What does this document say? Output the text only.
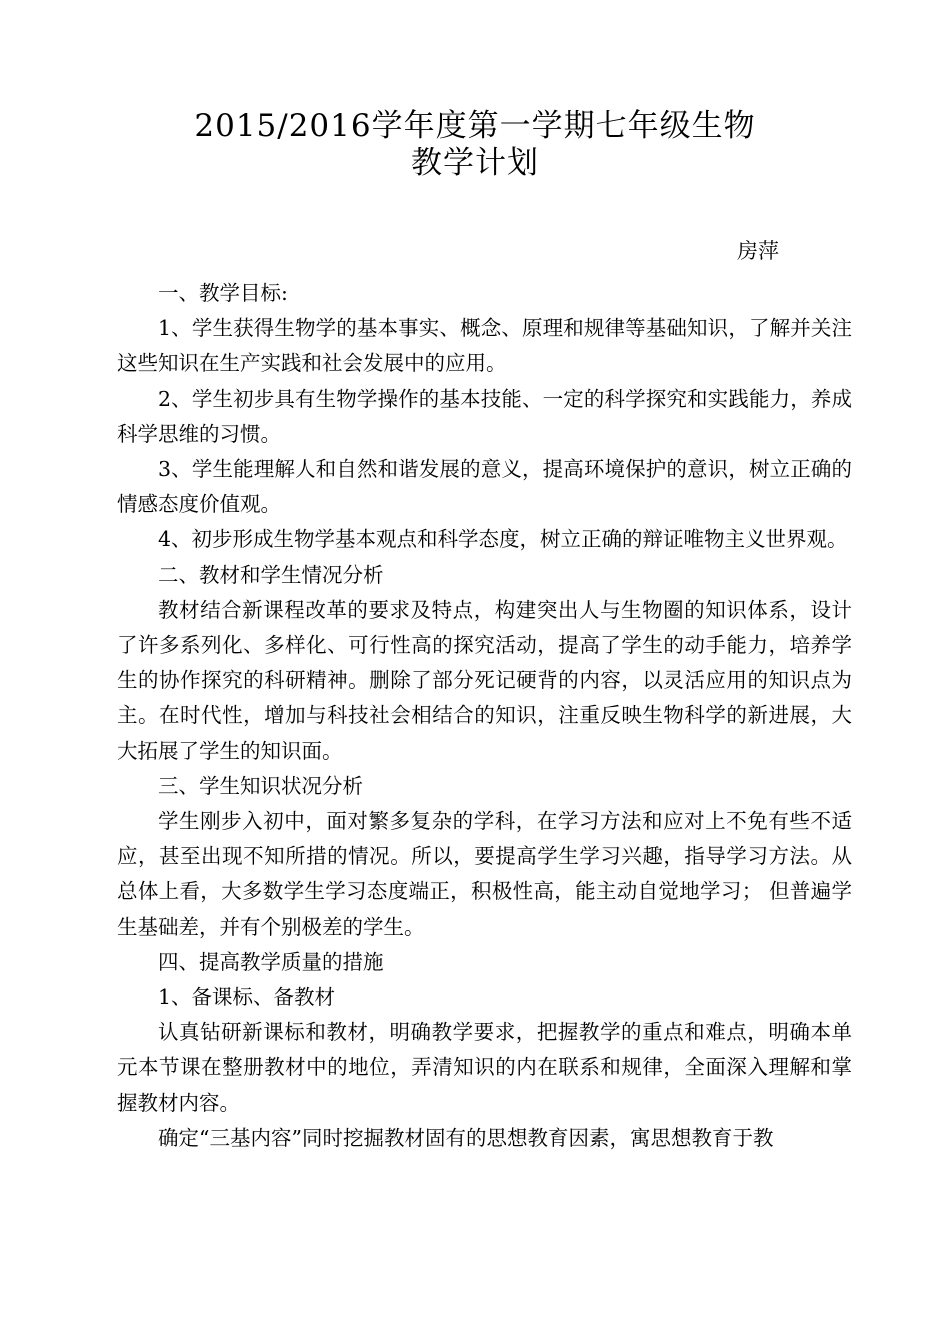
2015/2016学年度第一学期七年级生物
教学计划
房萍

一、教学目标:

1、学生获得生物学的基本事实、概念、原理和规律等基础知识，了解并关注这些知识在生产实践和社会发展中的应用。

2、学生初步具有生物学操作的基本技能、一定的科学探究和实践能力，养成科学思维的习惯。

3、学生能理解人和自然和谐发展的意义，提高环境保护的意识，树立正确的情感态度价值观。

4、初步形成生物学基本观点和科学态度，树立正确的辩证唯物主义世界观。

二、教材和学生情况分析

教材结合新课程改革的要求及特点，构建突出人与生物圈的知识体系，设计了许多系列化、多样化、可行性高的探究活动，提高了学生的动手能力，培养学生的协作探究的科研精神。删除了部分死记硬背的内容，以灵活应用的知识点为主。在时代性，增加与科技社会相结合的知识，注重反映生物科学的新进展，大大拓展了学生的知识面。

三、学生知识状况分析

学生刚步入初中，面对繁多复杂的学科，在学习方法和应对上不免有些不适应，甚至出现不知所措的情况。所以，要提高学生学习兴趣，指导学习方法。从总体上看，大多数学生学习态度端正，积极性高，能主动自觉地学习； 但普遍学生基础差，并有个别极差的学生。

四、提高教学质量的措施

1、备课标、备教材

认真钻研新课标和教材，明确教学要求，把握教学的重点和难点，明确本单元本节课在整册教材中的地位，弄清知识的内在联系和规律，全面深入理解和掌握教材内容。

确定“三基内容”同时挖掘教材固有的思想教育因素，寓思想教育于教
